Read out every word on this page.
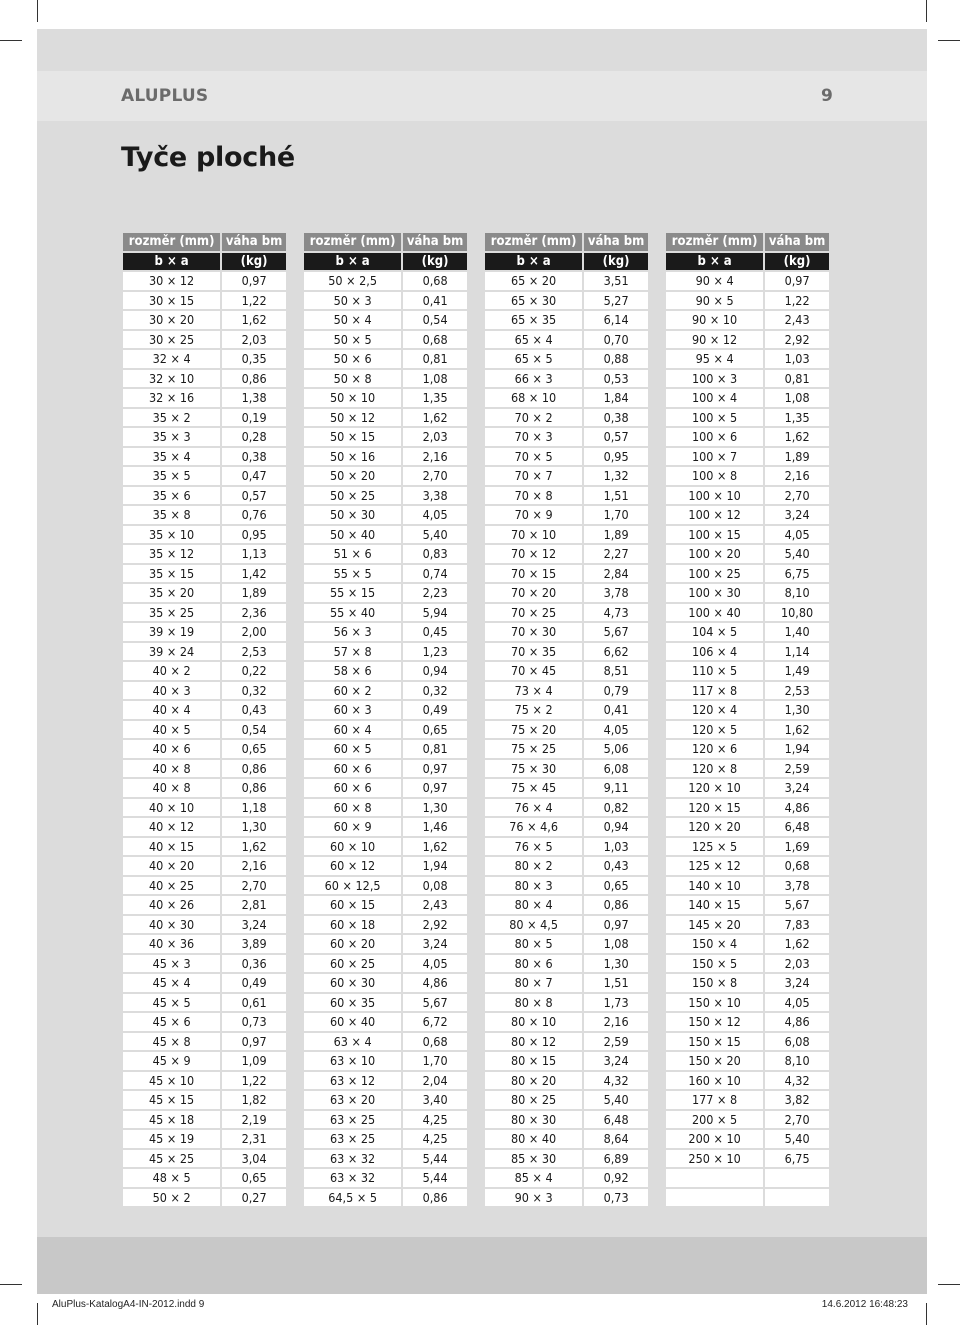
ALUPLUS	9
Tyče ploché
rozměr (mm)	váha bm
b × a	(kg)
30 × 12	0,97
30 × 15	1,22
30 × 20	1,62
30 × 25	2,03
32 × 4	0,35
32 × 10	0,86
32 × 16	1,38
35 × 2	0,19
35 × 3	0,28
35 × 4	0,38
35 × 5	0,47
35 × 6	0,57
35 × 8	0,76
35 × 10	0,95
35 × 12	1,13
35 × 15	1,42
35 × 20	1,89
35 × 25	2,36
39 × 19	2,00
39 × 24	2,53
40 × 2	0,22
40 × 3	0,32
40 × 4	0,43
40 × 5	0,54
40 × 6	0,65
40 × 8	0,86
40 × 8	0,86
40 × 10	1,18
40 × 12	1,30
40 × 15	1,62
40 × 20	2,16
40 × 25	2,70
40 × 26	2,81
40 × 30	3,24
40 × 36	3,89
45 × 3	0,36
45 × 4	0,49
45 × 5	0,61
45 × 6	0,73
45 × 8	0,97
45 × 9	1,09
45 × 10	1,22
45 × 15	1,82
45 × 18	2,19
45 × 19	2,31
45 × 25	3,04
48 × 5	0,65
50 × 2	0,27
rozměr (mm)	váha bm
b × a	(kg)
50 × 2,5	0,68
50 × 3	0,41
50 × 4	0,54
50 × 5	0,68
50 × 6	0,81
50 × 8	1,08
50 × 10	1,35
50 × 12	1,62
50 × 15	2,03
50 × 16	2,16
50 × 20	2,70
50 × 25	3,38
50 × 30	4,05
50 × 40	5,40
51 × 6	0,83
55 × 5	0,74
55 × 15	2,23
55 × 40	5,94
56 × 3	0,45
57 × 8	1,23
58 × 6	0,94
60 × 2	0,32
60 × 3	0,49
60 × 4	0,65
60 × 5	0,81
60 × 6	0,97
60 × 6	0,97
60 × 8	1,30
60 × 9	1,46
60 × 10	1,62
60 × 12	1,94
60 × 12,5	0,08
60 × 15	2,43
60 × 18	2,92
60 × 20	3,24
60 × 25	4,05
60 × 30	4,86
60 × 35	5,67
60 × 40	6,72
63 × 4	0,68
63 × 10	1,70
63 × 12	2,04
63 × 20	3,40
63 × 25	4,25
63 × 25	4,25
63 × 32	5,44
63 × 32	5,44
64,5 × 5	0,86
rozměr (mm)	váha bm
b × a	(kg)
65 × 20	3,51
65 × 30	5,27
65 × 35	6,14
65 × 4	0,70
65 × 5	0,88
66 × 3	0,53
68 × 10	1,84
70 × 2	0,38
70 × 3	0,57
70 × 5	0,95
70 × 7	1,32
70 × 8	1,51
70 × 9	1,70
70 × 10	1,89
70 × 12	2,27
70 × 15	2,84
70 × 20	3,78
70 × 25	4,73
70 × 30	5,67
70 × 35	6,62
70 × 45	8,51
73 × 4	0,79
75 × 2	0,41
75 × 20	4,05
75 × 25	5,06
75 × 30	6,08
75 × 45	9,11
76 × 4	0,82
76 × 4,6	0,94
76 × 5	1,03
80 × 2	0,43
80 × 3	0,65
80 × 4	0,86
80 × 4,5	0,97
80 × 5	1,08
80 × 6	1,30
80 × 7	1,51
80 × 8	1,73
80 × 10	2,16
80 × 12	2,59
80 × 15	3,24
80 × 20	4,32
80 × 25	5,40
80 × 30	6,48
80 × 40	8,64
85 × 30	6,89
85 × 4	0,92
90 × 3	0,73
rozměr (mm)	váha bm
b × a	(kg)
90 × 4	0,97
90 × 5	1,22
90 × 10	2,43
90 × 12	2,92
95 × 4	1,03
100 × 3	0,81
100 × 4	1,08
100 × 5	1,35
100 × 6	1,62
100 × 7	1,89
100 × 8	2,16
100 × 10	2,70
100 × 12	3,24
100 × 15	4,05
100 × 20	5,40
100 × 25	6,75
100 × 30	8,10
100 × 40	10,80
104 × 5	1,40
106 × 4	1,14
110 × 5	1,49
117 × 8	2,53
120 × 4	1,30
120 × 5	1,62
120 × 6	1,94
120 × 8	2,59
120 × 10	3,24
120 × 15	4,86
120 × 20	6,48
125 × 5	1,69
125 × 12	0,68
140 × 10	3,78
140 × 15	5,67
145 × 20	7,83
150 × 4	1,62
150 × 5	2,03
150 × 8	3,24
150 × 10	4,05
150 × 12	4,86
150 × 15	6,08
150 × 20	8,10
160 × 10	4,32
177 × 8	3,82
200 × 5	2,70
200 × 10	5,40
250 × 10	6,75

AluPlus-KatalogA4-IN-2012.indd 9	14.6.2012 16:48:23
